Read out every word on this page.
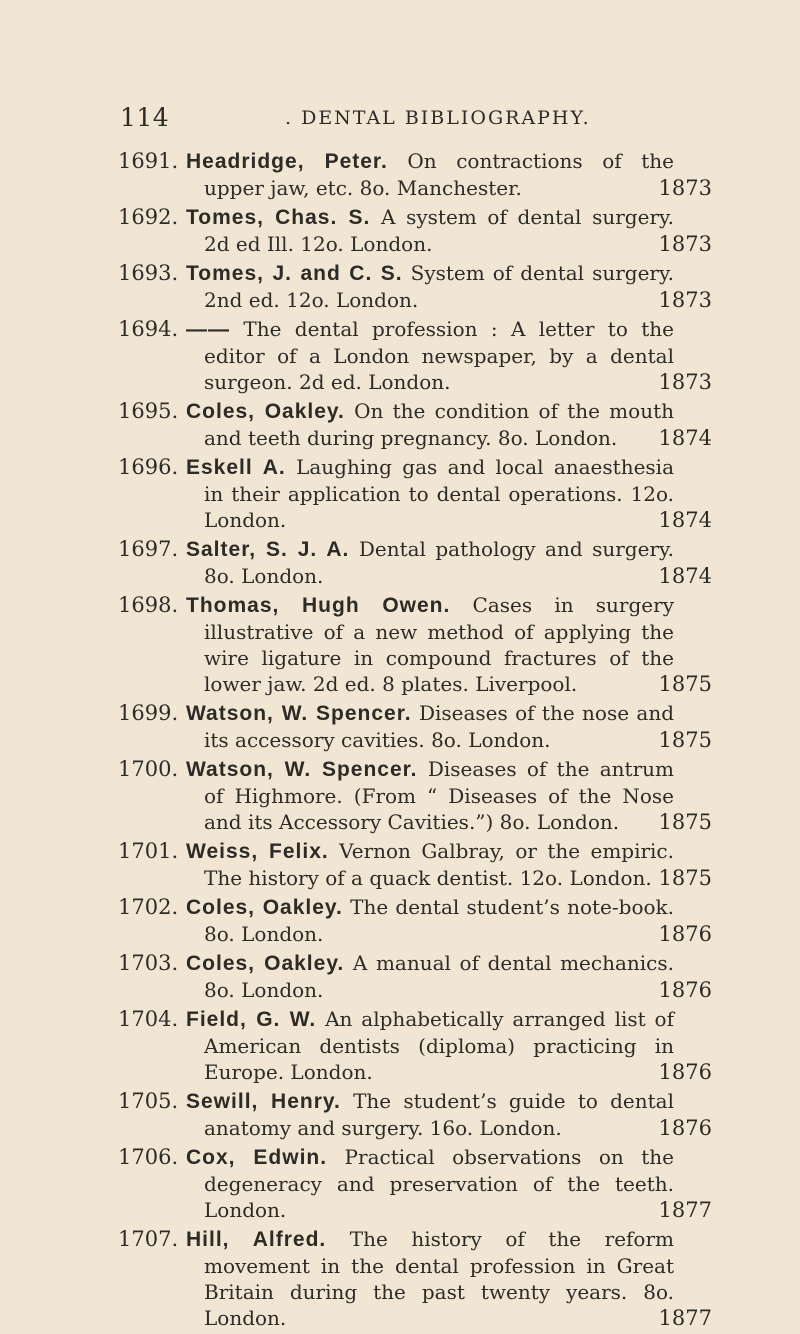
114	. DENTAL BIBLIOGRAPHY.
1691. Headridge, Peter. On contractions of the upper jaw, etc. 8o. Manchester.	1873
1692. Tomes, Chas. S. A system of dental surgery. 2d ed Ill. 12o. London.	1873
1693. Tomes, J. and C. S. System of dental surgery. 2nd ed. 12o. London.	1873
1694. —— The dental profession : A letter to the editor of a London newspaper, by a dental surgeon. 2d ed. London.	1873
1695. Coles, Oakley. On the condition of the mouth and teeth during pregnancy. 8o. London.	1874
1696. Eskell A. Laughing gas and local anaesthesia in their application to dental operations. 12o. London.	1874
1697. Salter, S. J. A. Dental pathology and surgery. 8o. London.	1874
1698. Thomas, Hugh Owen. Cases in surgery illustrative of a new method of applying the wire ligature in compound fractures of the lower jaw. 2d ed. 8 plates. Liverpool.	1875
1699. Watson, W. Spencer. Diseases of the nose and its accessory cavities. 8o. London.	1875
1700. Watson, W. Spencer. Diseases of the antrum of Highmore. (From “ Diseases of the Nose and its Accessory Cavities.”) 8o. London.	1875
1701. Weiss, Felix. Vernon Galbray, or the empiric. The history of a quack dentist. 12o. London. 1875
1702. Coles, Oakley. The dental student’s note-book. 8o. London.	1876
1703. Coles, Oakley. A manual of dental mechanics. 8o. London.	1876
1704. Field, G. W. An alphabetically arranged list of American dentists (diploma) practicing in Europe. London.	1876
1705. Sewill, Henry. The student’s guide to dental anatomy and surgery. 16o. London.	1876
1706. Cox, Edwin. Practical observations on the degeneracy and preservation of the teeth. London.	1877
1707. Hill, Alfred. The history of the reform movement in the dental profession in Great Britain during the past twenty years. 8o. London.	1877
